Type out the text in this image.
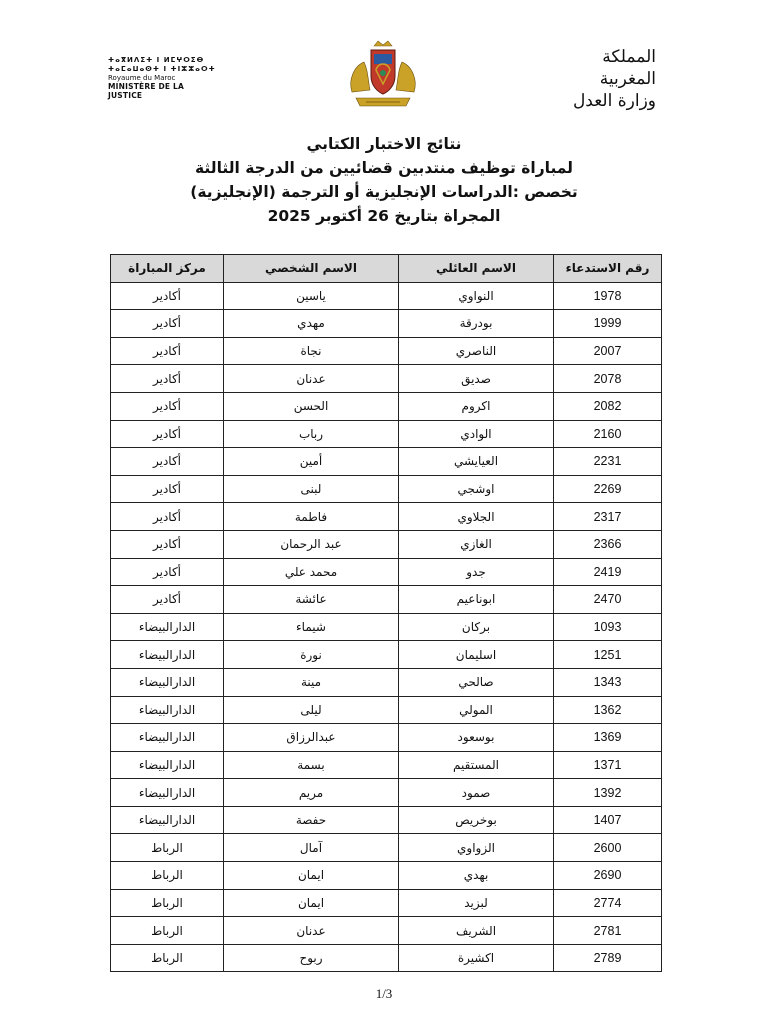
ⵜⴰⴳⵍⴷⵉⵜ ⵏ ⵍⵎⵖⵔⵉⴱ ⵜⴰⵎⴰⵡⴰⵙⵜ ⵏ ⵜⵏⵣⵣⴰⵔⵜ
Royaume du Maroc
MINISTÈRE DE LA JUSTICE
المملكة المغربية
وزارة العدل
نتائج الاختبار الكتابي
لمباراة توظيف منتدبين قضائيين من الدرجة الثالثة
تخصص :الدراسات الإنجليزية أو الترجمة (الإنجليزية)
المجراة بتاريخ 26 أكتوبر 2025
رقم الاستدعاء	الاسم العائلي	الاسم الشخصي	مركز المباراة
1978	النواوي	ياسين	أكادير
1999	بودرقة	مهدي	أكادير
2007	الناصري	نجاة	أكادير
2078	صديق	عدنان	أكادير
2082	اكروم	الحسن	أكادير
2160	الوادي	رباب	أكادير
2231	العيايشي	أمين	أكادير
2269	اوشجي	لبنى	أكادير
2317	الجلاوي	فاطمة	أكادير
2366	الغازي	عبد الرحمان	أكادير
2419	جدو	محمد علي	أكادير
2470	ابوناعيم	عائشة	أكادير
1093	بركان	شيماء	الدارالبيضاء
1251	اسليمان	نورة	الدارالبيضاء
1343	صالحي	مينة	الدارالبيضاء
1362	المولي	ليلى	الدارالبيضاء
1369	بوسعود	عبدالرزاق	الدارالبيضاء
1371	المستقيم	بسمة	الدارالبيضاء
1392	صمود	مريم	الدارالبيضاء
1407	بوخريص	حفصة	الدارالبيضاء
2600	الزواوي	آمال	الرباط
2690	بهدي	ايمان	الرباط
2774	لبزيد	ايمان	الرباط
2781	الشريف	عدنان	الرباط
2789	اكشيرة	ربوح	الرباط
1/3
